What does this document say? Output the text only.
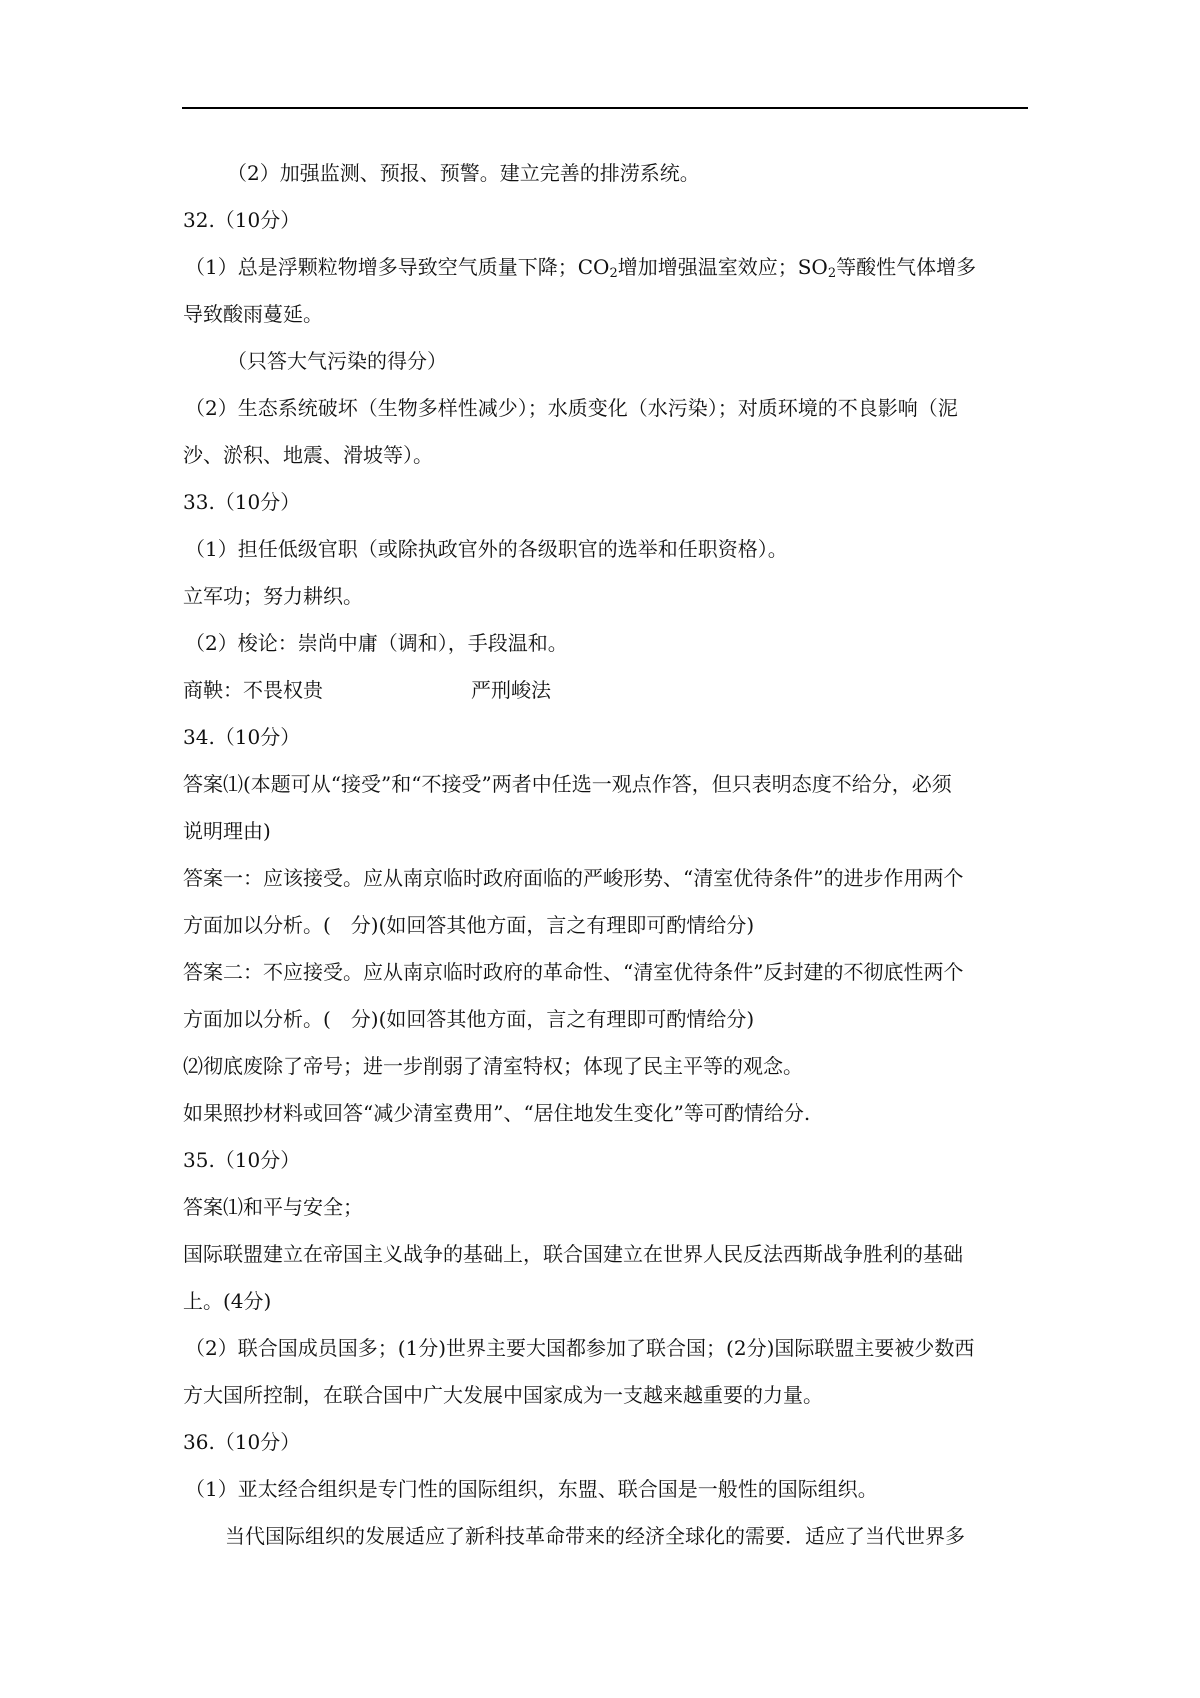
（2）加强监测、预报、预警。建立完善的排涝系统。
32.（10分）
（1）总是浮颗粒物增多导致空气质量下降；$CO_2$增加增强温室效应；$SO_2$等酸性气体增多
导致酸雨蔓延。
（只答大气污染的得分）
（2）生态系统破坏（生物多样性减少）；水质变化（水污染）；对质环境的不良影响（泥
沙、淤积、地震、滑坡等）。
33.（10分）
（1）担任低级官职（或除执政官外的各级职官的选举和任职资格）。
立军功；努力耕织。
（2）梭论：崇尚中庸（调和），手段温和。
商鞅：不畏权贵	严刑峻法
34.（10分）
答案⑴(本题可从“接受”和“不接受”两者中任选一观点作答，但只表明态度不给分，必须
说明理由)
答案一：应该接受。应从南京临时政府面临的严峻形势、“清室优待条件”的进步作用两个
方面加以分析。(　分)(如回答其他方面，言之有理即可酌情给分)
答案二：不应接受。应从南京临时政府的革命性、“清室优待条件”反封建的不彻底性两个
方面加以分析。(　分)(如回答其他方面，言之有理即可酌情给分)
⑵彻底废除了帝号；进一步削弱了清室特权；体现了民主平等的观念。
如果照抄材料或回答“减少清室费用”、“居住地发生变化”等可酌情给分.
35.（10分）
答案⑴和平与安全；
国际联盟建立在帝国主义战争的基础上，联合国建立在世界人民反法西斯战争胜利的基础
上。(4分)
（2）联合国成员国多；(1分)世界主要大国都参加了联合国；(2分)国际联盟主要被少数西
方大国所控制，在联合国中广大发展中国家成为一支越来越重要的力量。
36.（10分）
（1）亚太经合组织是专门性的国际组织，东盟、联合国是一般性的国际组织。
当代国际组织的发展适应了新科技革命带来的经济全球化的需要．适应了当代世界多
